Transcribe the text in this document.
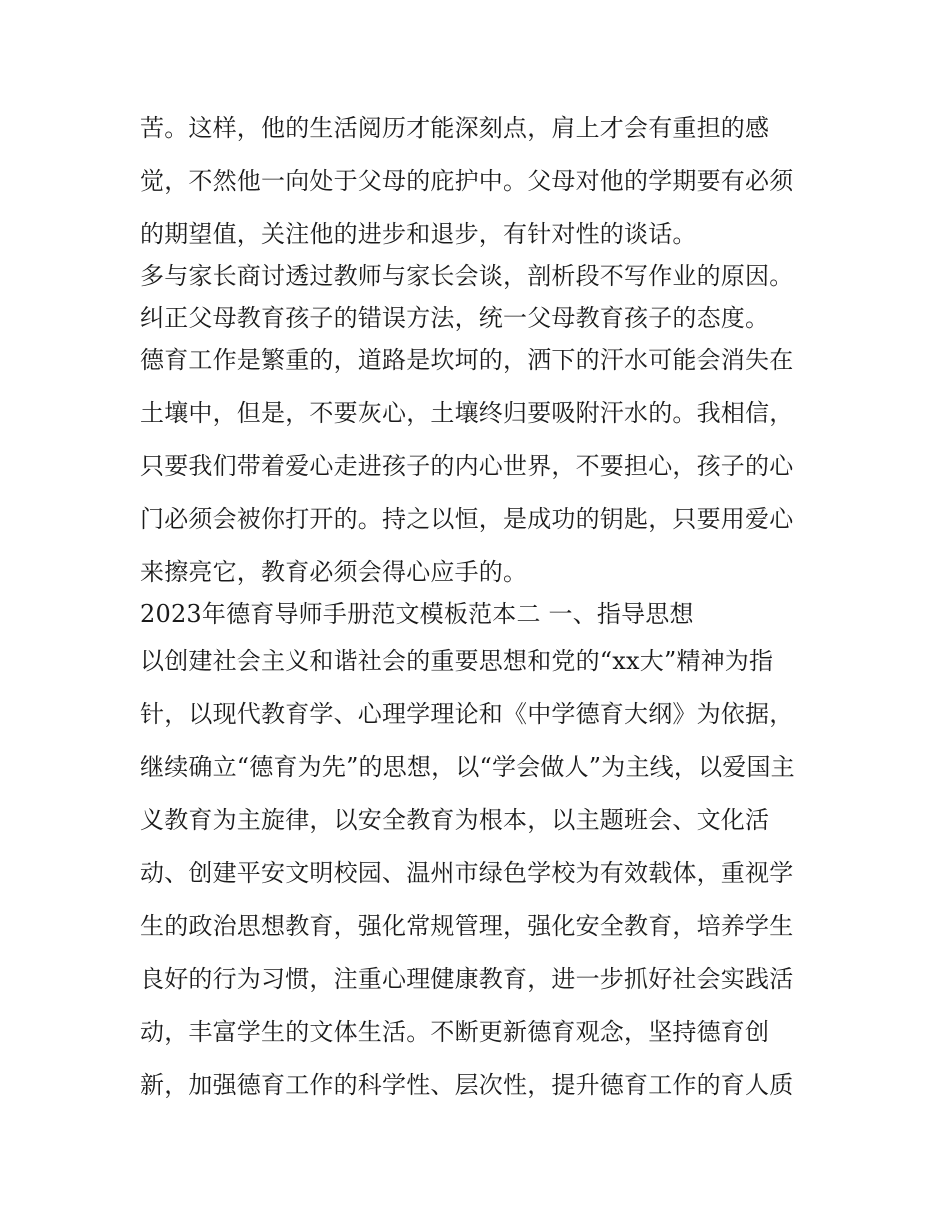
苦。这样，他的生活阅历才能深刻点，肩上才会有重担的感

觉，不然他一向处于父母的庇护中。父母对他的学期要有必须

的期望值，关注他的进步和退步，有针对性的谈话。

多与家长商讨透过教师与家长会谈，剖析段不写作业的原因。

纠正父母教育孩子的错误方法，统一父母教育孩子的态度。

德育工作是繁重的，道路是坎坷的，洒下的汗水可能会消失在

土壤中，但是，不要灰心，土壤终归要吸附汗水的。我相信，

只要我们带着爱心走进孩子的内心世界，不要担心，孩子的心

门必须会被你打开的。持之以恒，是成功的钥匙，只要用爱心

来擦亮它，教育必须会得心应手的。

2023年德育导师手册范文模板范本二 一、指导思想

以创建社会主义和谐社会的重要思想和党的“xx大”精神为指

针，以现代教育学、心理学理论和《中学德育大纲》为依据，

继续确立“德育为先”的思想，以“学会做人”为主线，以爱国主

义教育为主旋律，以安全教育为根本，以主题班会、文化活

动、创建平安文明校园、温州市绿色学校为有效载体，重视学

生的政治思想教育，强化常规管理，强化安全教育，培养学生

良好的行为习惯，注重心理健康教育，进一步抓好社会实践活

动，丰富学生的文体生活。不断更新德育观念，坚持德育创

新，加强德育工作的科学性、层次性，提升德育工作的育人质
